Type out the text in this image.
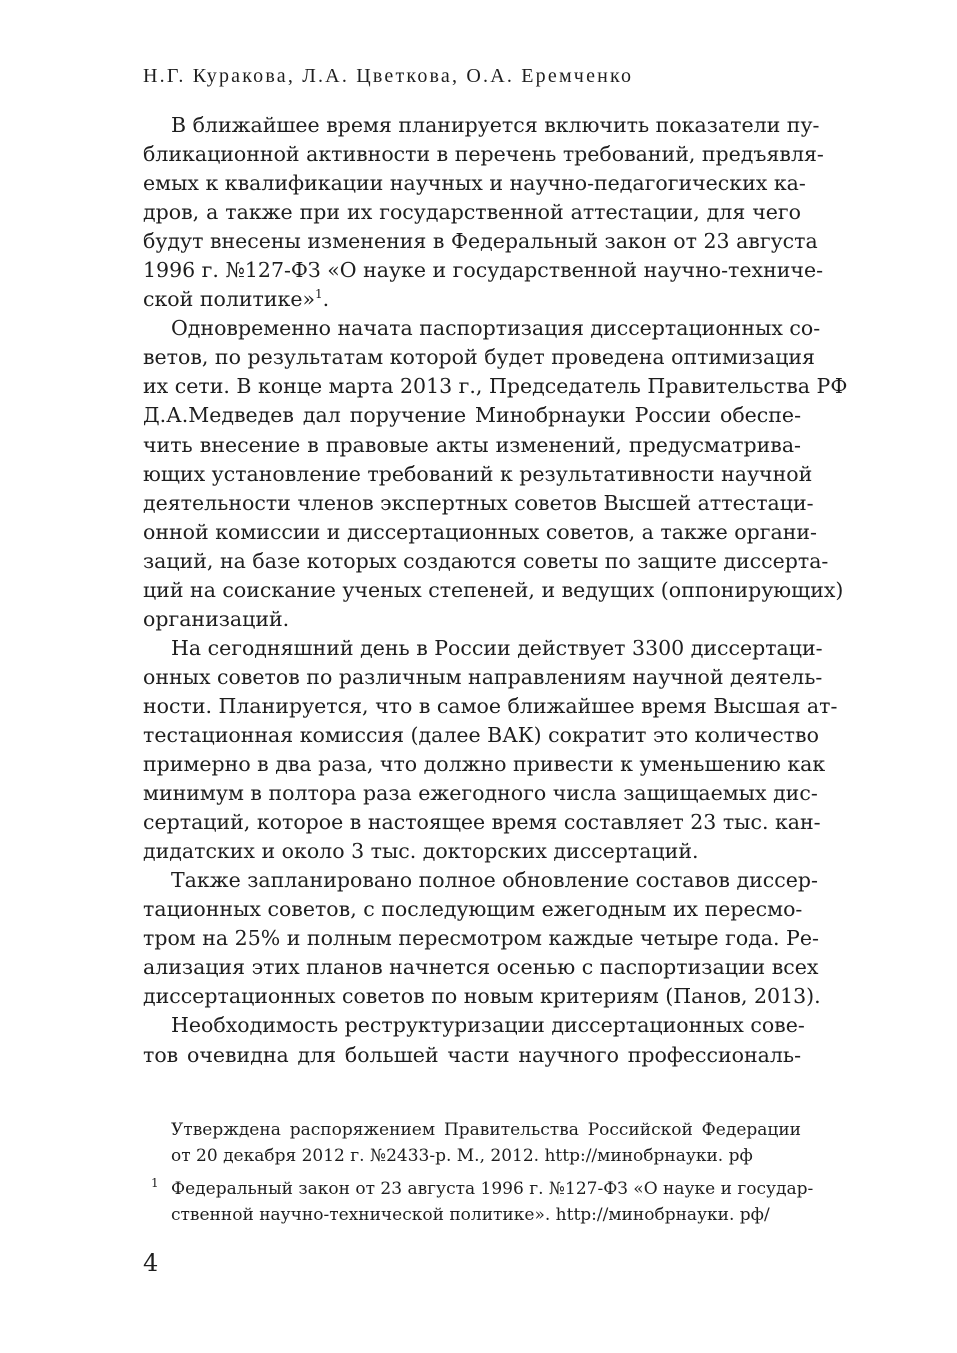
Н.Г. Куракова, Л.А. Цветкова, О.А. Еремченко
В ближайшее время планируется включить показатели пу-
бликационной активности в перечень требований, предъявля-
емых к квалификации научных и научно-педагогических ка-
дров, а также при их государственной аттестации, для чего
будут внесены изменения в Федеральный закон от 23 августа
1996 г. №127-ФЗ «О науке и государственной научно-техниче-
ской политике»$^1$.
Одновременно начата паспортизация диссертационных со-
ветов, по результатам которой будет проведена оптимизация
их сети. В конце марта 2013 г., Председатель Правительства РФ
Д.А.Медведев дал поручение Минобрнауки России обеспе-
чить внесение в правовые акты изменений, предусматрива-
ющих установление требований к результативности научной
деятельности членов экспертных советов Высшей аттестаци-
онной комиссии и диссертационных советов, а также органи-
заций, на базе которых создаются советы по защите диссерта-
ций на соискание ученых степеней, и ведущих (оппонирующих)
организаций.
На сегодняшний день в России действует 3300 диссертаци-
онных советов по различным направлениям научной деятель-
ности. Планируется, что в самое ближайшее время Высшая ат-
тестационная комиссия (далее ВАК) сократит это количество
примерно в два раза, что должно привести к уменьшению как
минимум в полтора раза ежегодного числа защищаемых дис-
сертаций, которое в настоящее время составляет 23 тыс. кан-
дидатских и около 3 тыс. докторских диссертаций.
Также запланировано полное обновление составов диссер-
тационных советов, с последующим ежегодным их пересмо-
тром на 25% и полным пересмотром каждые четыре года. Ре-
ализация этих планов начнется осенью с паспортизации всех
диссертационных советов по новым критериям (Панов, 2013).
Необходимость реструктуризации диссертационных сове-
тов очевидна для большей части научного профессиональ-
Утверждена распоряжением Правительства Российской Федерации
от 20 декабря 2012 г. №2433-р. М., 2012. http://минобрнауки. рф
1 Федеральный закон от 23 августа 1996 г. №127-ФЗ «О науке и государ-
ственной научно-технической политике». http://минобрнауки. рф/
4
